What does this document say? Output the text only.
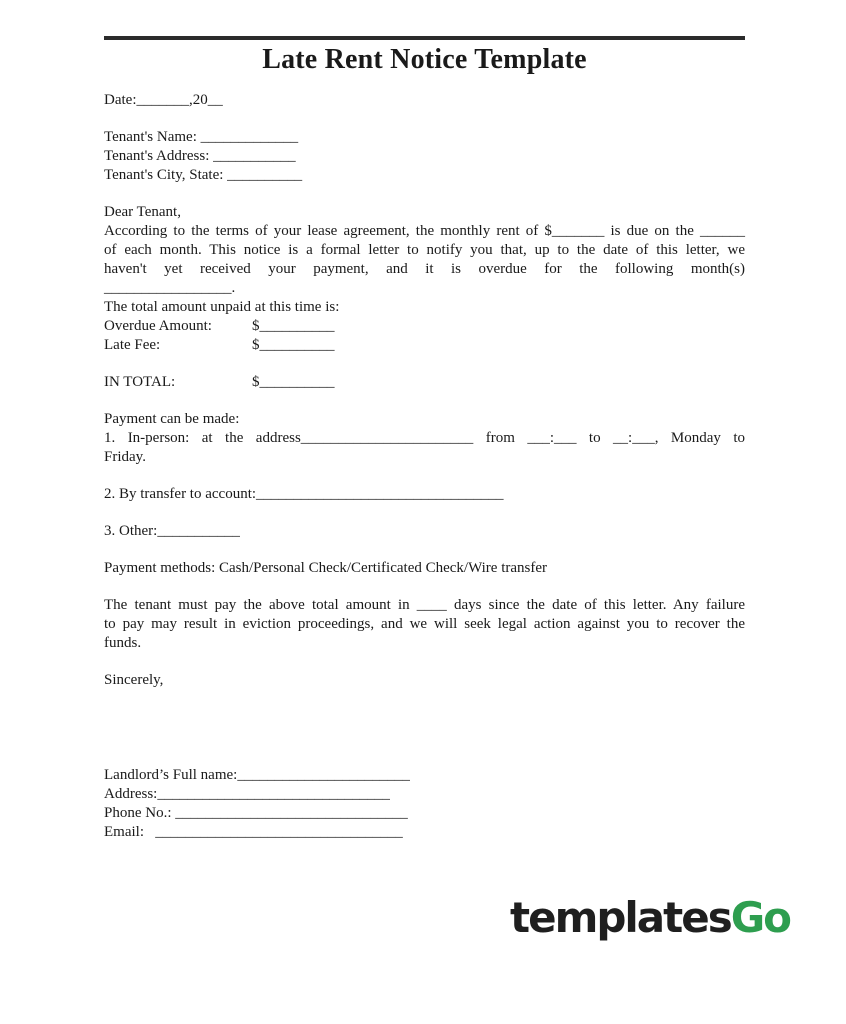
Late Rent Notice Template
Date:_______,20__
Tenant's Name: _____________
Tenant's Address: ___________
Tenant's City, State: __________
Dear Tenant,
According to the terms of your lease agreement, the monthly rent of $_______ is due on the ______
of each month. This notice is a formal letter to notify you that, up to the date of this letter, we
haven't yet received your payment, and it is overdue for the following month(s)
_________________.
The total amount unpaid at this time is:
Overdue Amount:	$__________
Late Fee:	$__________
IN TOTAL:	$__________
Payment can be made:
1. In-person: at the address_______________________ from ___:___ to __:___, Monday to
Friday.
2. By transfer to account:_________________________________
3. Other:___________
Payment methods: Cash/Personal Check/Certificated Check/Wire transfer
The tenant must pay the above total amount in ____ days since the date of this letter. Any failure
to pay may result in eviction proceedings, and we will seek legal action against you to recover the
funds.
Sincerely,
Landlord’s Full name:_______________________
Address:_______________________________
Phone No.: _______________________________
Email:   _________________________________
templatesGo
